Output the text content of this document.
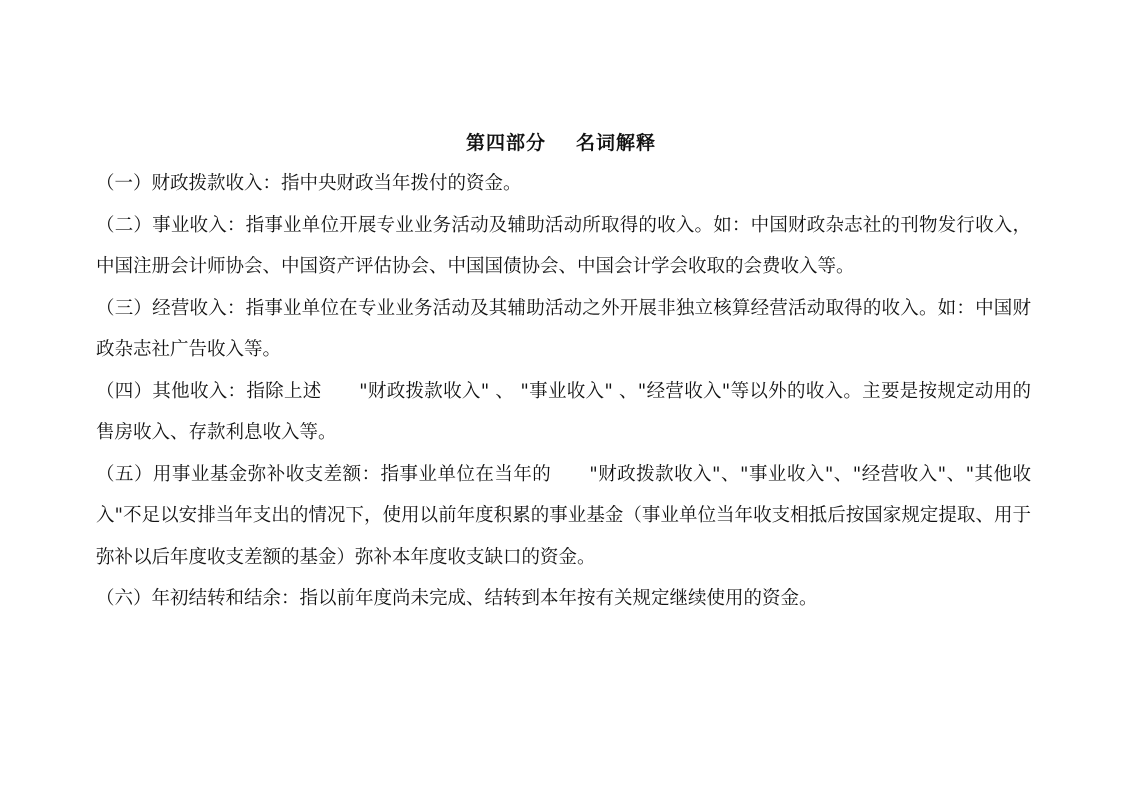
第四部分 名词解释

（一）财政拨款收入：指中央财政当年拨付的资金。

（二）事业收入：指事业单位开展专业业务活动及辅助活动所取得的收入。如：中国财政杂志社的刊物发行收入，中国注册会计师协会、中国资产评估协会、中国国债协会、中国会计学会收取的会费收入等。

（三）经营收入：指事业单位在专业业务活动及其辅助活动之外开展非独立核算经营活动取得的收入。如：中国财政杂志社广告收入等。

（四）其他收入：指除上述　　"财政拨款收入" 、 "事业收入" 、"经营收入"等以外的收入。主要是按规定动用的售房收入、存款利息收入等。

（五）用事业基金弥补收支差额：指事业单位在当年的　　"财政拨款收入"、"事业收入"、"经营收入"、"其他收入"不足以安排当年支出的情况下，使用以前年度积累的事业基金（事业单位当年收支相抵后按国家规定提取、用于弥补以后年度收支差额的基金）弥补本年度收支缺口的资金。

（六）年初结转和结余：指以前年度尚未完成、结转到本年按有关规定继续使用的资金。
